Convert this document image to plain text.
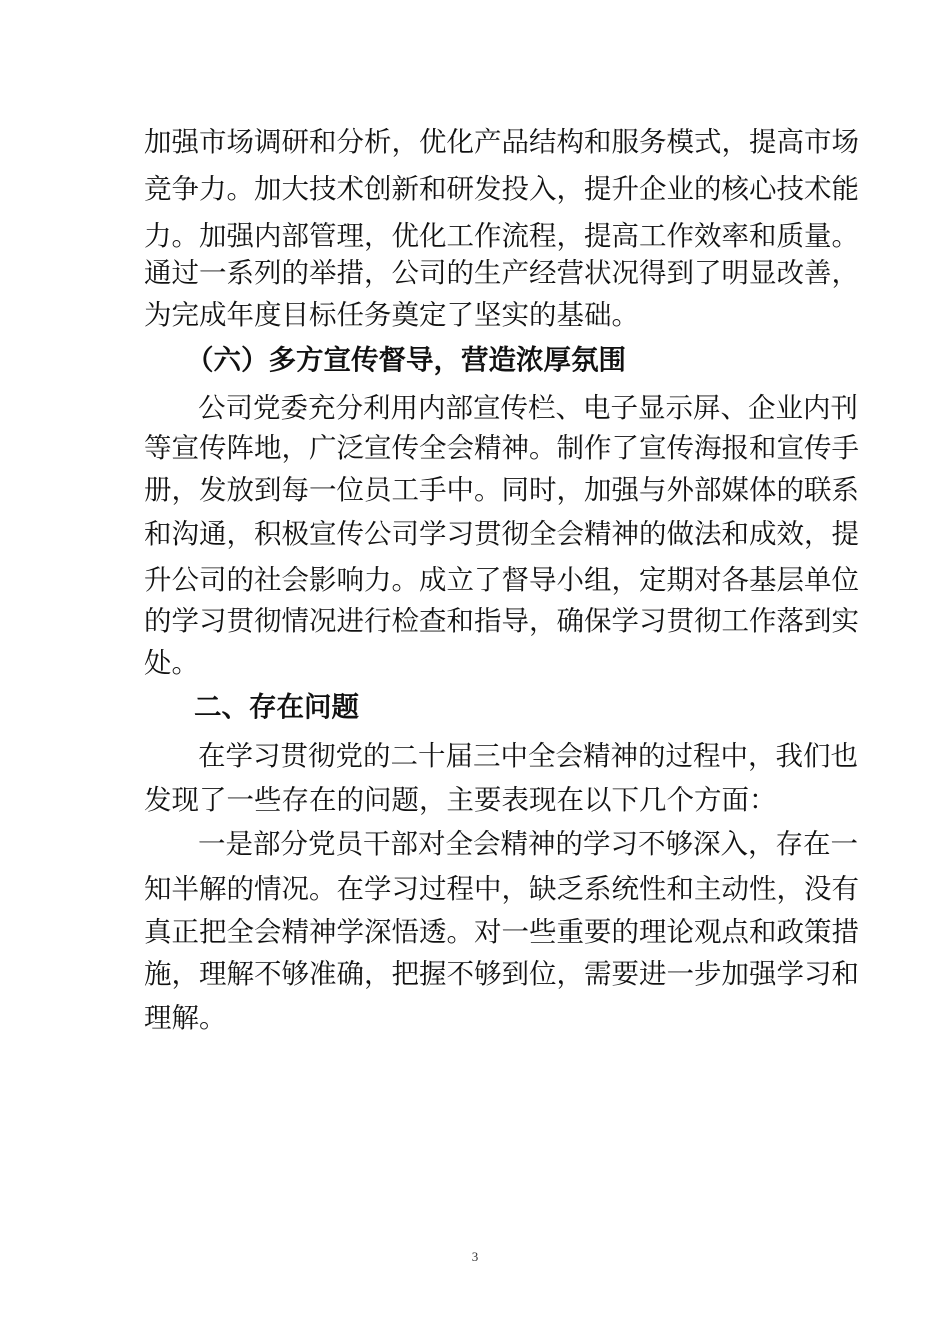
加强市场调研和分析，优化产品结构和服务模式，提高市场
竞争力。加大技术创新和研发投入，提升企业的核心技术能
力。加强内部管理，优化工作流程，提高工作效率和质量。
通过一系列的举措，公司的生产经营状况得到了明显改善，
为完成年度目标任务奠定了坚实的基础。
（六）多方宣传督导，营造浓厚氛围
公司党委充分利用内部宣传栏、电子显示屏、企业内刊
等宣传阵地，广泛宣传全会精神。制作了宣传海报和宣传手
册，发放到每一位员工手中。同时，加强与外部媒体的联系
和沟通，积极宣传公司学习贯彻全会精神的做法和成效，提
升公司的社会影响力。成立了督导小组，定期对各基层单位
的学习贯彻情况进行检查和指导，确保学习贯彻工作落到实
处。
二、存在问题
在学习贯彻党的二十届三中全会精神的过程中，我们也
发现了一些存在的问题，主要表现在以下几个方面：
一是部分党员干部对全会精神的学习不够深入，存在一
知半解的情况。在学习过程中，缺乏系统性和主动性，没有
真正把全会精神学深悟透。对一些重要的理论观点和政策措
施，理解不够准确，把握不够到位，需要进一步加强学习和
理解。
3
